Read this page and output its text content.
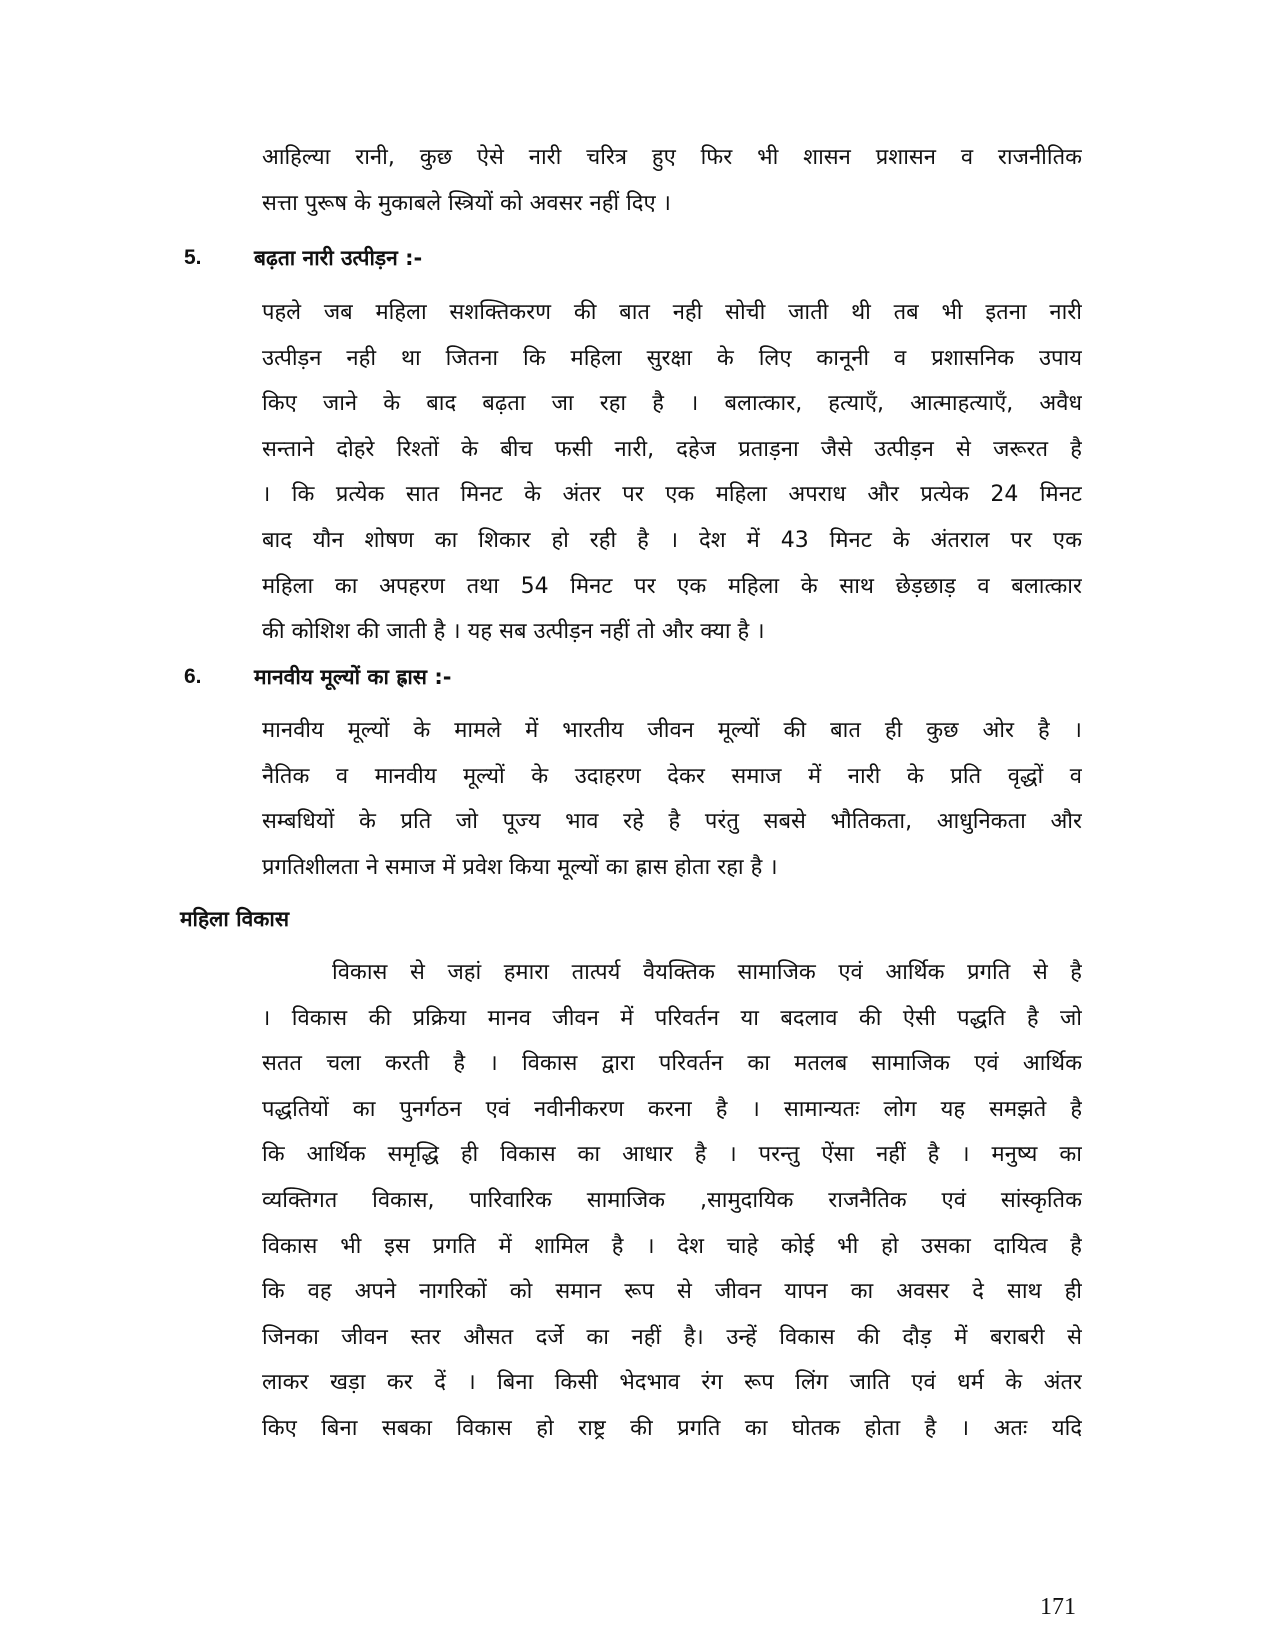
आहिल्या रानी, कुछ ऐसे नारी चरित्र हुए फिर भी शासन प्रशासन व राजनीतिक
सत्ता पुरूष के मुकाबले स्त्रियों को अवसर नहीं दिए ।
5. बढ़ता नारी उत्पीड़न :-
पहले जब महिला सशक्तिकरण की बात नही सोची जाती थी तब भी इतना नारी
उत्पीड़न नही था जितना कि महिला सुरक्षा के लिए कानूनी व प्रशासनिक उपाय
किए जाने के बाद बढ़ता जा रहा है । बलात्कार, हत्याएँ, आत्माहत्याएँ, अवैध
सन्ताने दोहरे रिश्तों के बीच फसी नारी, दहेज प्रताड़ना जैसे उत्पीड़न से जरूरत है
। कि प्रत्येक सात मिनट के अंतर पर एक महिला अपराध और प्रत्येक 24 मिनट
बाद यौन शोषण का शिकार हो रही है । देश में 43 मिनट के अंतराल पर एक
महिला का अपहरण तथा 54 मिनट पर एक महिला के साथ छेड़छाड़ व बलात्कार
की कोशिश की जाती है । यह सब उत्पीड़न नहीं तो और क्या है ।
6. मानवीय मूल्यों का ह्रास :-
मानवीय मूल्यों के मामले में भारतीय जीवन मूल्यों की बात ही कुछ ओर है ।
नैतिक व मानवीय मूल्यों के उदाहरण देकर समाज में नारी के प्रति वृद्धों व
सम्बधियों के प्रति जो पूज्य भाव रहे है परंतु सबसे भौतिकता, आधुनिकता और
प्रगतिशीलता ने समाज में प्रवेश किया मूल्यों का ह्रास होता रहा है ।
महिला विकास
विकास से जहां हमारा तात्पर्य वैयक्तिक सामाजिक एवं आर्थिक प्रगति से है
। विकास की प्रक्रिया मानव जीवन में परिवर्तन या बदलाव की ऐसी पद्धति है जो
सतत चला करती है । विकास द्वारा परिवर्तन का मतलब सामाजिक एवं आर्थिक
पद्धतियों का पुनर्गठन एवं नवीनीकरण करना है । सामान्यतः लोग यह समझते है
कि आर्थिक समृद्धि ही विकास का आधार है । परन्तु ऐंसा नहीं है । मनुष्य का
व्यक्तिगत विकास, पारिवारिक सामाजिक ,सामुदायिक राजनैतिक एवं सांस्कृतिक
विकास भी इस प्रगति में शामिल है । देश चाहे कोई भी हो उसका दायित्व है
कि वह अपने नागरिकों को समान रूप से जीवन यापन का अवसर दे साथ ही
जिनका जीवन स्तर औसत दर्जे का नहीं है। उन्हें विकास की दौड़ में बराबरी से
लाकर खड़ा कर दें । बिना किसी भेदभाव रंग रूप लिंग जाति एवं धर्म के अंतर
किए बिना सबका विकास हो राष्ट्र की प्रगति का घोतक होता है । अतः यदि
171
